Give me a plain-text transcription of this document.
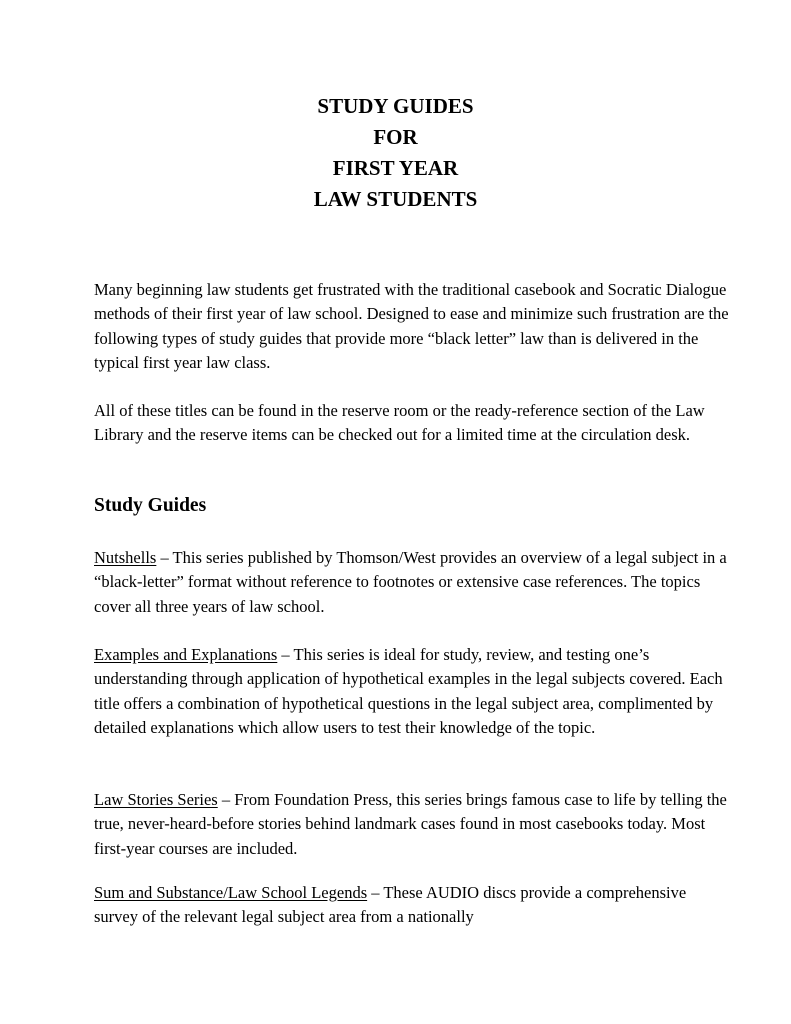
STUDY GUIDES
FOR
FIRST YEAR
LAW STUDENTS

Many beginning law students get frustrated with the traditional casebook and Socratic Dialogue methods of their first year of law school. Designed to ease and minimize such frustration are the following types of study guides that provide more “black letter” law than is delivered in the typical first year law class.

All of these titles can be found in the reserve room or the ready-reference section of the Law Library and the reserve items can be checked out for a limited time at the circulation desk.

Study Guides

Nutshells – This series published by Thomson/West provides an overview of a legal subject in a “black-letter” format without reference to footnotes or extensive case references. The topics cover all three years of law school.

Examples and Explanations – This series is ideal for study, review, and testing one’s understanding through application of hypothetical examples in the legal subjects covered. Each title offers a combination of hypothetical questions in the legal subject area, complimented by detailed explanations which allow users to test their knowledge of the topic.

Law Stories Series – From Foundation Press, this series brings famous case to life by telling the true, never-heard-before stories behind landmark cases found in most casebooks today. Most first-year courses are included.

Sum and Substance/Law School Legends – These AUDIO discs provide a comprehensive survey of the relevant legal subject area from a nationally
